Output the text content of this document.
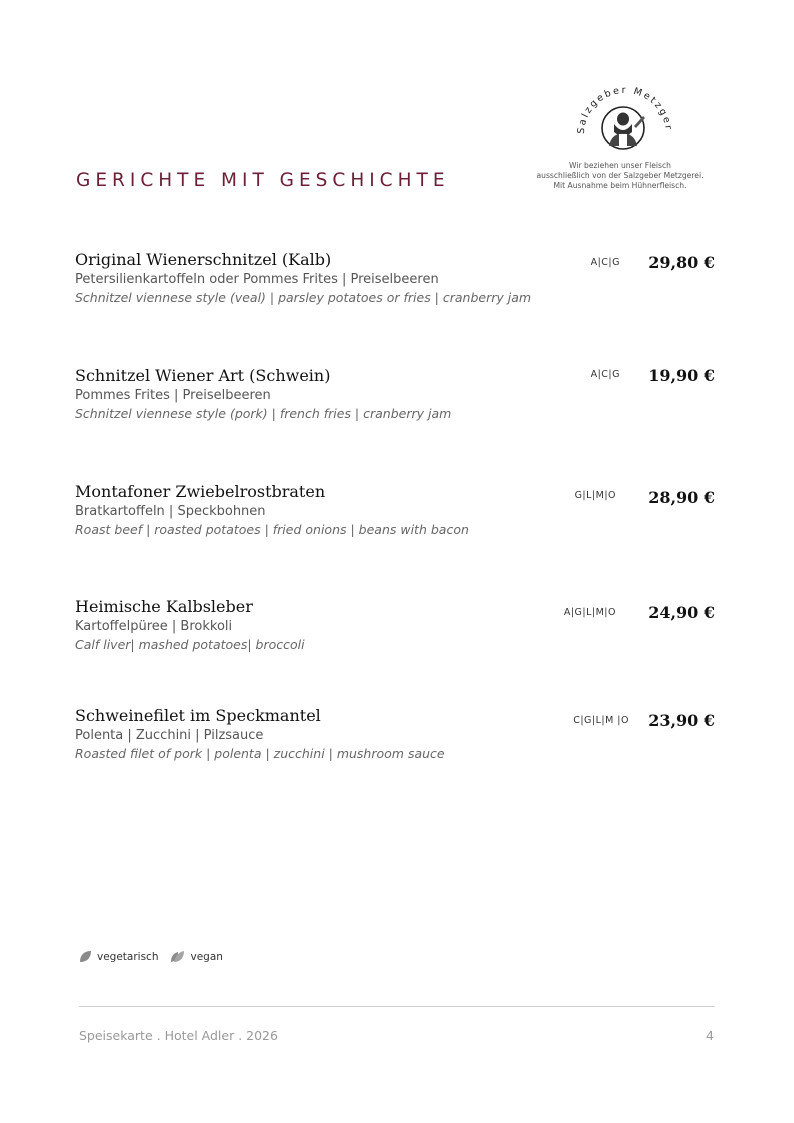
GERICHTE MIT GESCHICHTE
Salzgeber Metzger
Wir beziehen unser Fleisch
ausschließlich von der Salzgeber Metzgerei.
Mit Ausnahme beim Hühnerfleisch.
Original Wienerschnitzel (Kalb)
Petersilienkartoffeln oder Pommes Frites | Preiselbeeren
Schnitzel viennese style (veal) | parsley potatoes or fries | cranberry jam
A|C|G 29,80 €
Schnitzel Wiener Art (Schwein)
Pommes Frites | Preiselbeeren
Schnitzel viennese style (pork) | french fries | cranberry jam
A|C|G 19,90 €
Montafoner Zwiebelrostbraten
Bratkartoffeln | Speckbohnen
Roast beef | roasted potatoes | fried onions | beans with bacon
G|L|M|O 28,90 €
Heimische Kalbsleber
Kartoffelpüree | Brokkoli
Calf liver| mashed potatoes| broccoli
A|G|L|M|O 24,90 €
Schweinefilet im Speckmantel
Polenta | Zucchini | Pilzsauce
Roasted filet of pork | polenta | zucchini | mushroom sauce
C|G|L|M |O 23,90 €
vegetarisch	vegan
Speisekarte . Hotel Adler . 2026	4
